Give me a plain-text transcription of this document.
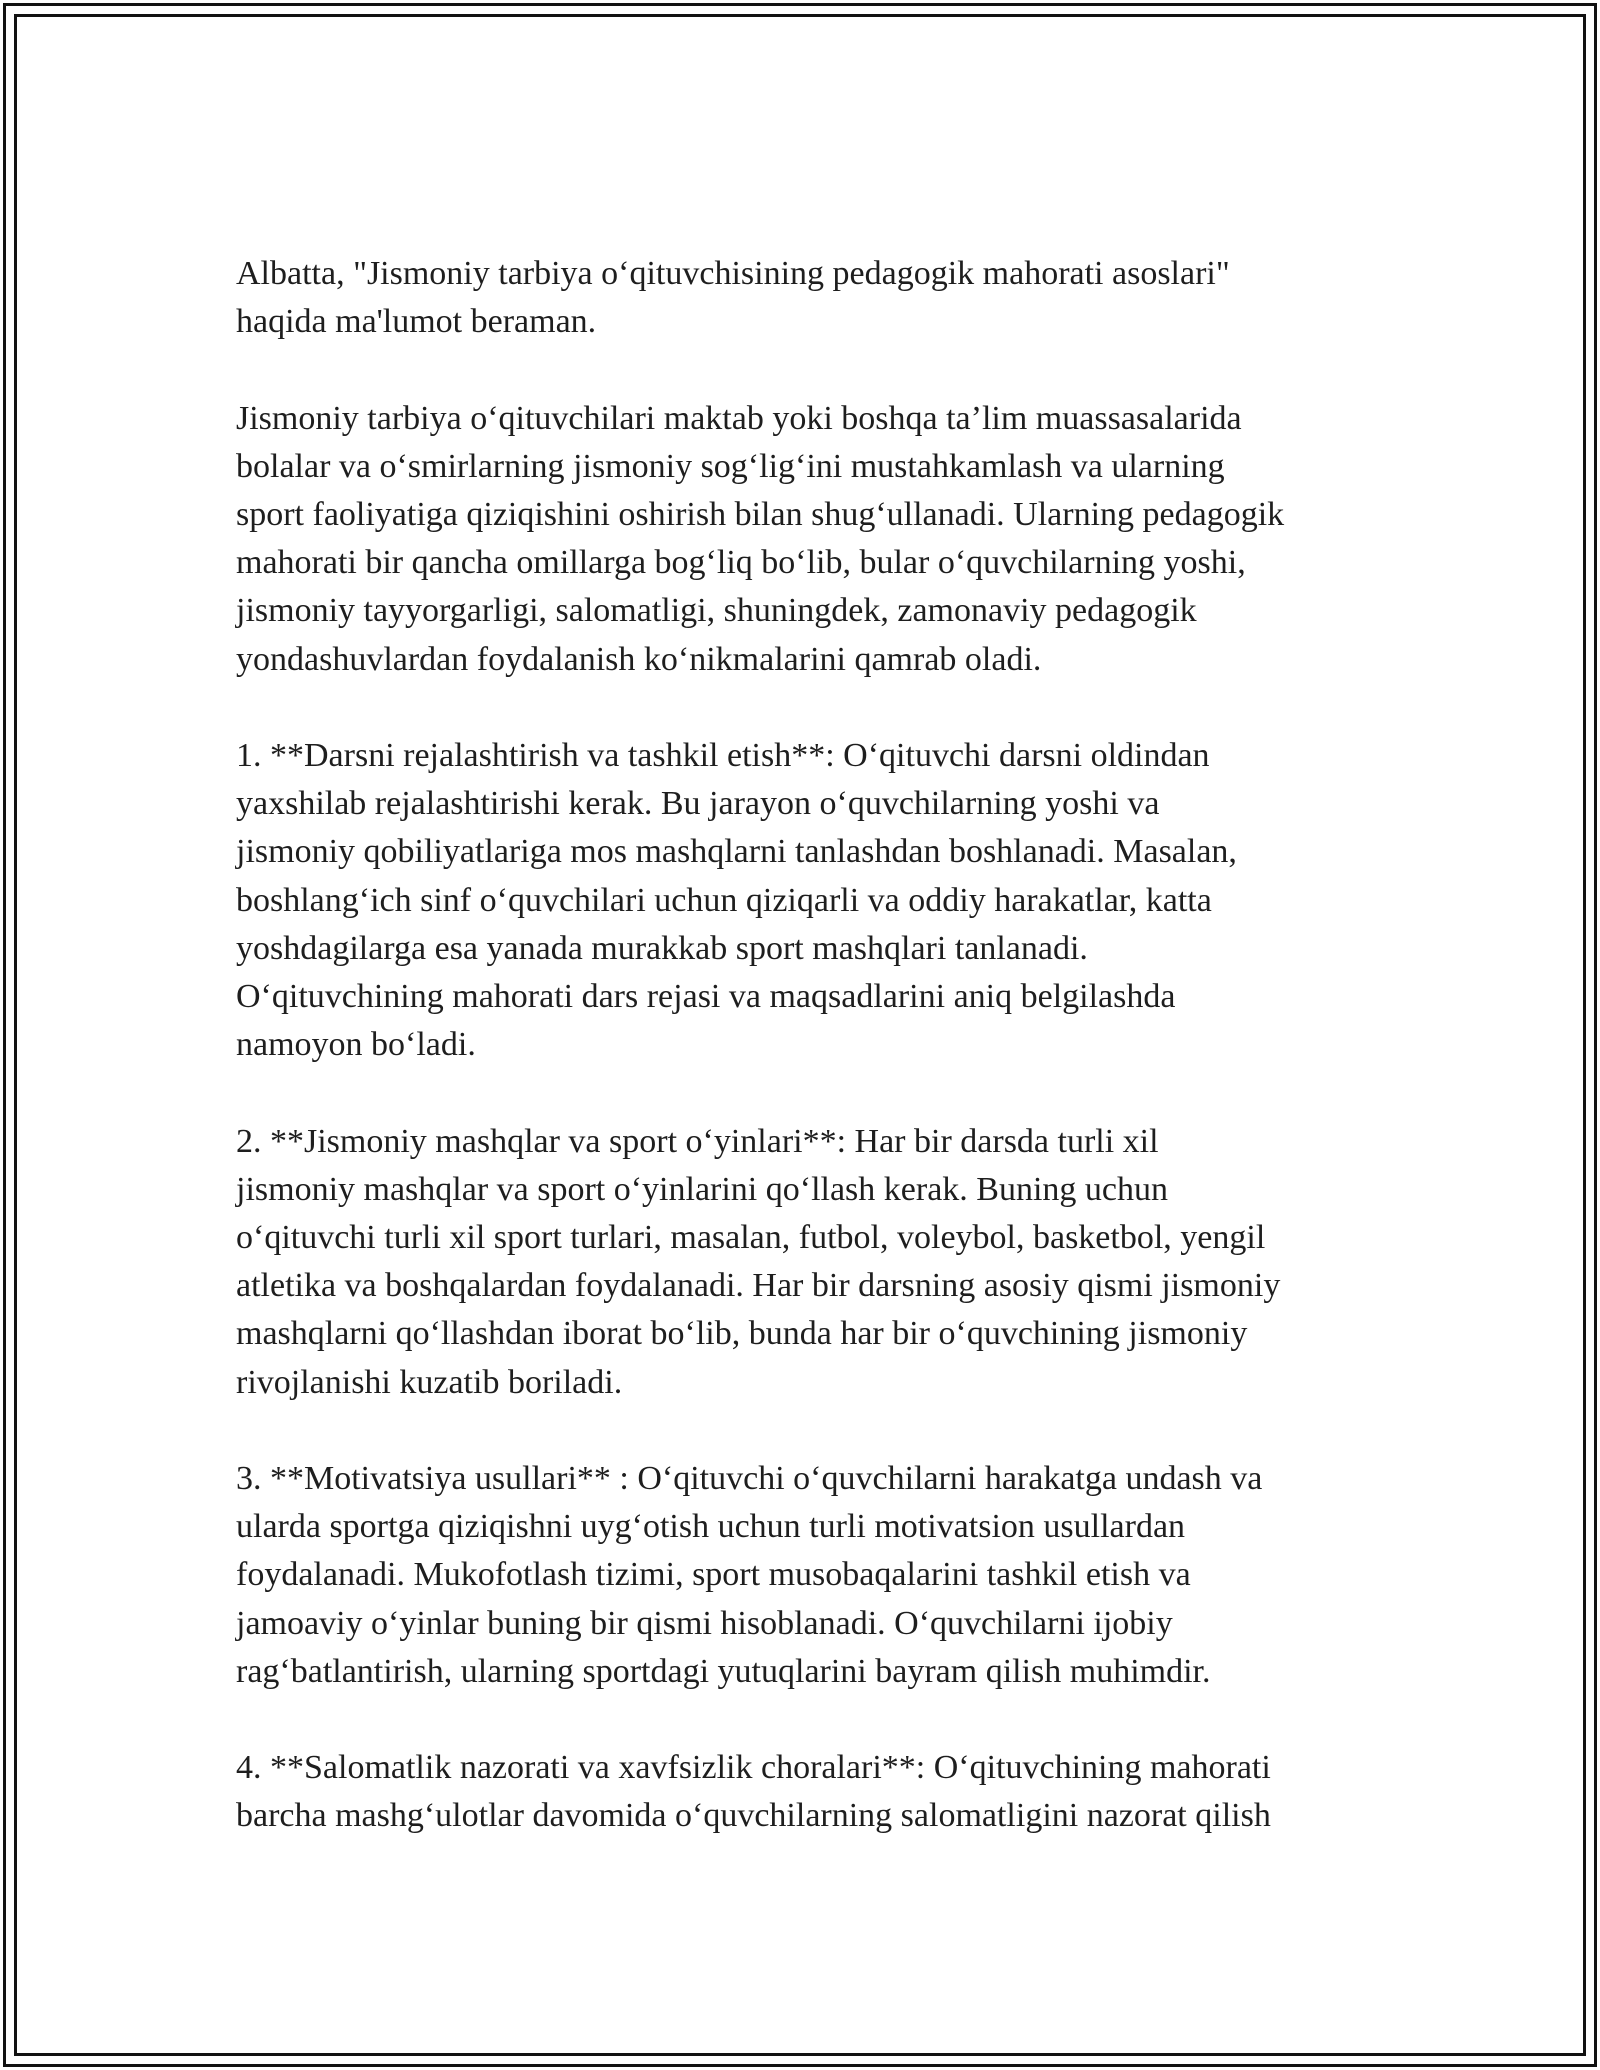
Albatta, "Jismoniy tarbiya o‘qituvchisining pedagogik mahorati asoslari"
haqida ma'lumot beraman.

Jismoniy tarbiya o‘qituvchilari maktab yoki boshqa ta’lim muassasalarida
bolalar va o‘smirlarning jismoniy sog‘lig‘ini mustahkamlash va ularning
sport faoliyatiga qiziqishini oshirish bilan shug‘ullanadi. Ularning pedagogik
mahorati bir qancha omillarga bog‘liq bo‘lib, bular o‘quvchilarning yoshi,
jismoniy tayyorgarligi, salomatligi, shuningdek, zamonaviy pedagogik
yondashuvlardan foydalanish ko‘nikmalarini qamrab oladi.

1. **Darsni rejalashtirish va tashkil etish**: O‘qituvchi darsni oldindan
yaxshilab rejalashtirishi kerak. Bu jarayon o‘quvchilarning yoshi va
jismoniy qobiliyatlariga mos mashqlarni tanlashdan boshlanadi. Masalan,
boshlang‘ich sinf o‘quvchilari uchun qiziqarli va oddiy harakatlar, katta
yoshdagilarga esa yanada murakkab sport mashqlari tanlanadi.
O‘qituvchining mahorati dars rejasi va maqsadlarini aniq belgilashda
namoyon bo‘ladi.

2. **Jismoniy mashqlar va sport o‘yinlari**: Har bir darsda turli xil
jismoniy mashqlar va sport o‘yinlarini qo‘llash kerak. Buning uchun
o‘qituvchi turli xil sport turlari, masalan, futbol, voleybol, basketbol, yengil
atletika va boshqalardan foydalanadi. Har bir darsning asosiy qismi jismoniy
mashqlarni qo‘llashdan iborat bo‘lib, bunda har bir o‘quvchining jismoniy
rivojlanishi kuzatib boriladi.

3. **Motivatsiya usullari** : O‘qituvchi o‘quvchilarni harakatga undash va
ularda sportga qiziqishni uyg‘otish uchun turli motivatsion usullardan
foydalanadi. Mukofotlash tizimi, sport musobaqalarini tashkil etish va
jamoaviy o‘yinlar buning bir qismi hisoblanadi. O‘quvchilarni ijobiy
rag‘batlantirish, ularning sportdagi yutuqlarini bayram qilish muhimdir.

4. **Salomatlik nazorati va xavfsizlik choralari**: O‘qituvchining mahorati
barcha mashg‘ulotlar davomida o‘quvchilarning salomatligini nazorat qilish
